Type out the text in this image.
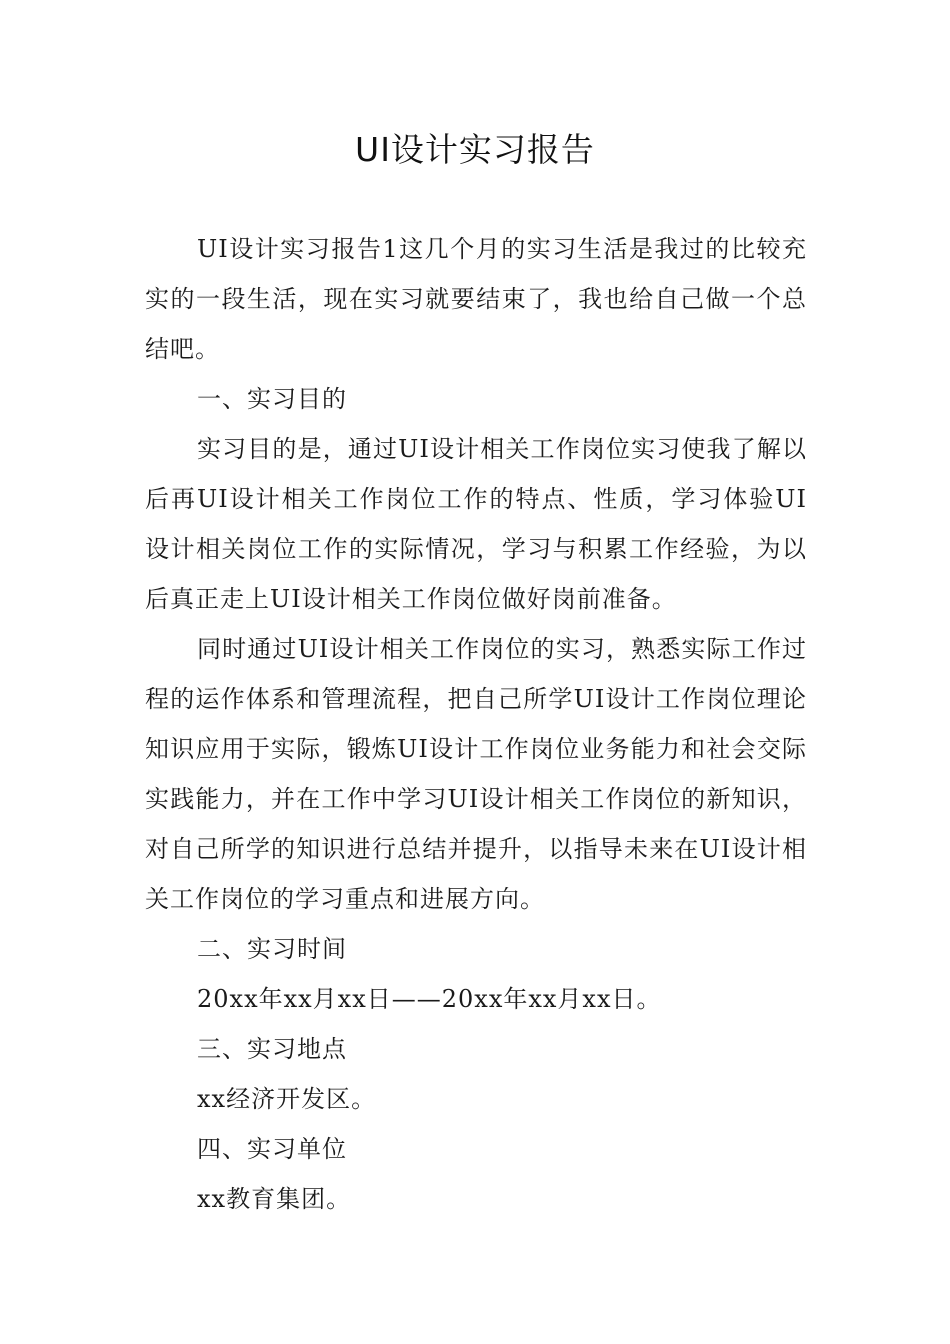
UI设计实习报告

UI设计实习报告1这几个月的实习生活是我过的比较充实的一段生活，现在实习就要结束了，我也给自己做一个总结吧。

一、实习目的

实习目的是，通过UI设计相关工作岗位实习使我了解以后再UI设计相关工作岗位工作的特点、性质，学习体验UI设计相关岗位工作的实际情况，学习与积累工作经验，为以后真正走上UI设计相关工作岗位做好岗前准备。

同时通过UI设计相关工作岗位的实习，熟悉实际工作过程的运作体系和管理流程，把自己所学UI设计工作岗位理论知识应用于实际，锻炼UI设计工作岗位业务能力和社会交际实践能力，并在工作中学习UI设计相关工作岗位的新知识，对自己所学的知识进行总结并提升，以指导未来在UI设计相关工作岗位的学习重点和进展方向。

二、实习时间

20xx年xx月xx日——20xx年xx月xx日。

三、实习地点

xx经济开发区。

四、实习单位

xx教育集团。
